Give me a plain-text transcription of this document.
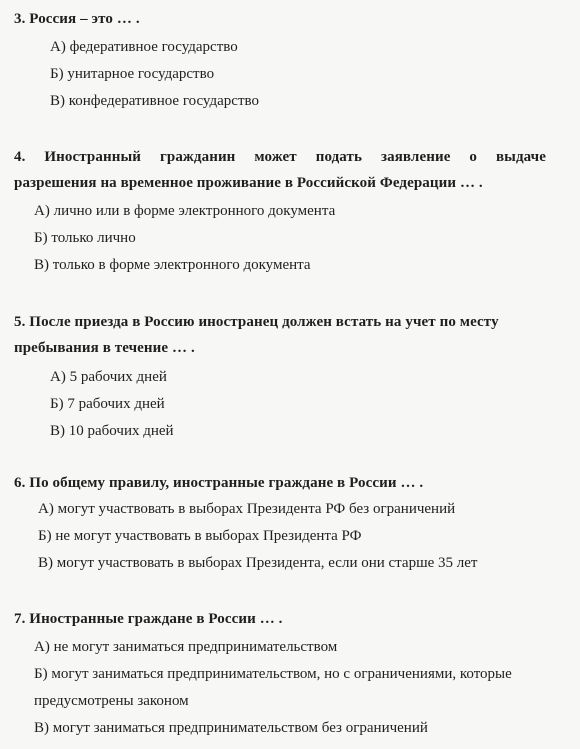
3. Россия – это … .

А) федеративное государство
Б) унитарное государство
В) конфедеративное государство

4. Иностранный гражданин может подать заявление о выдаче

разрешения на временное проживание в Российской Федерации … .

А) лично или в форме электронного документа
Б) только лично
В) только в форме электронного документа

5. После приезда в Россию иностранец должен встать на учет по месту

пребывания в течение … .

А) 5 рабочих дней
Б) 7 рабочих дней
В) 10 рабочих дней

6. По общему правилу, иностранные граждане в России … .

А) могут участвовать в выборах Президента РФ без ограничений
Б) не могут участвовать в выборах Президента РФ
В) могут участвовать в выборах Президента, если они старше 35 лет

7. Иностранные граждане в России … .

А) не могут заниматься предпринимательством
Б) могут заниматься предпринимательством, но с ограничениями, которые предусмотрены законом
В) могут заниматься предпринимательством без ограничений
